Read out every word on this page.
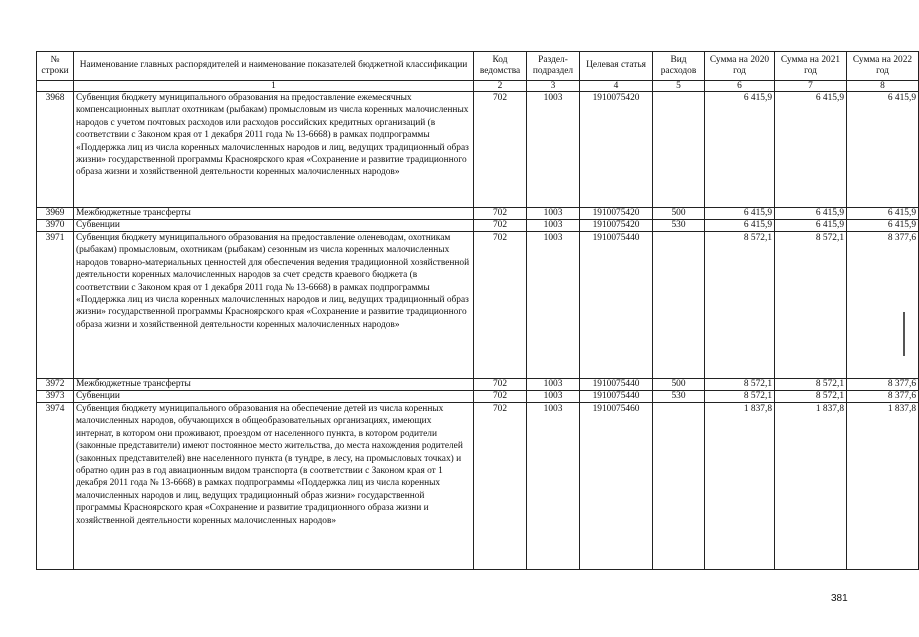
№ строки	Наименование главных распорядителей и наименование показателей бюджетной классификации	Код ведомства	Раздел-подраздел	Целевая статья	Вид расходов	Сумма на 2020 год	Сумма на 2021 год	Сумма на 2022 год
	1	2	3	4	5	6	7	8
3968	Субвенция бюджету муниципального образования на предоставление ежемесячных компенсационных выплат охотникам (рыбакам) промысловым из числа коренных малочисленных народов с учетом почтовых расходов или расходов российских кредитных организаций (в соответствии с Законом края от 1 декабря 2011 года № 13-6668) в рамках подпрограммы «Поддержка лиц из числа коренных малочисленных народов и лиц, ведущих традиционный образ жизни» государственной программы Красноярского края «Сохранение и развитие традиционного образа жизни и хозяйственной деятельности коренных малочисленных народов»	702	1003	1910075420		6 415,9	6 415,9	6 415,9
3969	Межбюджетные трансферты	702	1003	1910075420	500	6 415,9	6 415,9	6 415,9
3970	Субвенции	702	1003	1910075420	530	6 415,9	6 415,9	6 415,9
3971	Субвенция бюджету муниципального образования на предоставление оленеводам, охотникам (рыбакам) промысловым, охотникам (рыбакам) сезонным из числа коренных малочисленных народов товарно-материальных ценностей для обеспечения ведения традиционной хозяйственной деятельности коренных малочисленных народов за счет средств краевого бюджета (в соответствии с Законом края от 1 декабря 2011 года № 13-6668) в рамках подпрограммы «Поддержка лиц из числа коренных малочисленных народов и лиц, ведущих традиционный образ жизни» государственной программы Красноярского края «Сохранение и развитие традиционного образа жизни и хозяйственной деятельности коренных малочисленных народов»	702	1003	1910075440		8 572,1	8 572,1	8 377,6
3972	Межбюджетные трансферты	702	1003	1910075440	500	8 572,1	8 572,1	8 377,6
3973	Субвенции	702	1003	1910075440	530	8 572,1	8 572,1	8 377,6
3974	Субвенция бюджету муниципального образования на обеспечение детей из числа коренных малочисленных народов, обучающихся в общеобразовательных организациях, имеющих интернат, в котором они проживают, проездом от населенного пункта, в котором родители (законные представители) имеют постоянное место жительства, до места нахождения родителей (законных представителей) вне населенного пункта (в тундре, в лесу, на промысловых точках) и обратно один раз в год авиационным видом транспорта (в соответствии с Законом края от 1 декабря 2011 года № 13-6668) в рамках подпрограммы «Поддержка лиц из числа коренных малочисленных народов и лиц, ведущих традиционный образ жизни» государственной программы Красноярского края «Сохранение и развитие традиционного образа жизни и хозяйственной деятельности коренных малочисленных народов»	702	1003	1910075460		1 837,8	1 837,8	1 837,8
381
